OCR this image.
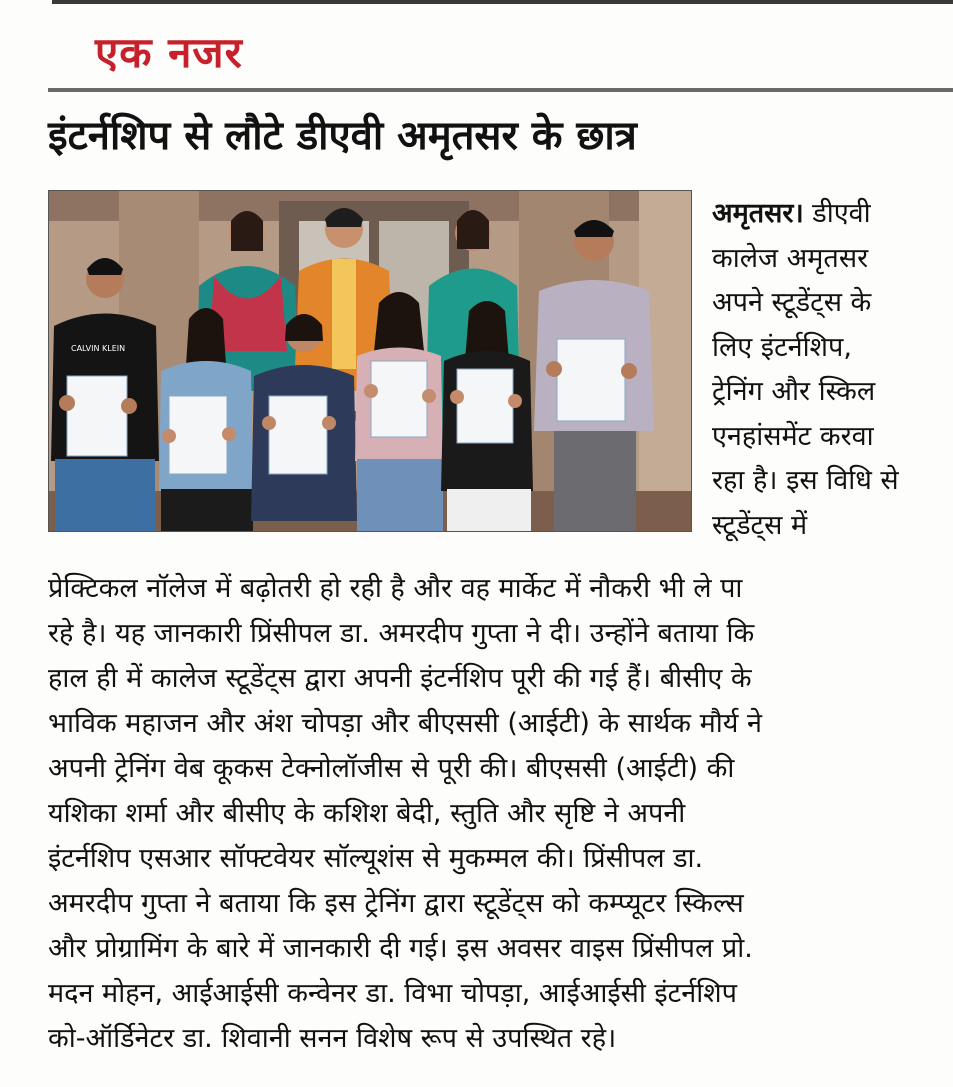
एक नजर
इंटर्नशिप से लौटे डीएवी अमृतसर के छात्र
CALVIN KLEIN
अमृतसर। डीएवी
कालेज अमृतसर
अपने स्टूडेंट्स के
लिए इंटर्नशिप,
ट्रेनिंग और स्किल
एनहांसमेंट करवा
रहा है। इस विधि से
स्टूडेंट्स में
प्रेक्टिकल नॉलेज में बढ़ोतरी हो रही है और वह मार्केट में नौकरी भी ले पा
रहे है। यह जानकारी प्रिंसीपल डा. अमरदीप गुप्ता ने दी। उन्होंने बताया कि
हाल ही में कालेज स्टूडेंट्स द्वारा अपनी इंटर्नशिप पूरी की गई हैं। बीसीए के
भाविक महाजन और अंश चोपड़ा और बीएससी (आईटी) के सार्थक मौर्य ने
अपनी ट्रेनिंग वेब कूकस टेक्नोलॉजीस से पूरी की। बीएससी (आईटी) की
यशिका शर्मा और बीसीए के कशिश बेदी, स्तुति और सृष्टि ने अपनी
इंटर्नशिप एसआर सॉफ्टवेयर सॉल्यूशंस से मुकम्मल की। प्रिंसीपल डा.
अमरदीप गुप्ता ने बताया कि इस ट्रेनिंग द्वारा स्टूडेंट्स को कम्प्यूटर स्किल्स
और प्रोग्रामिंग के बारे में जानकारी दी गई। इस अवसर वाइस प्रिंसीपल प्रो.
मदन मोहन, आईआईसी कन्वेनर डा. विभा चोपड़ा, आईआईसी इंटर्नशिप
को-ऑर्डिनेटर डा. शिवानी सनन विशेष रूप से उपस्थित रहे।
